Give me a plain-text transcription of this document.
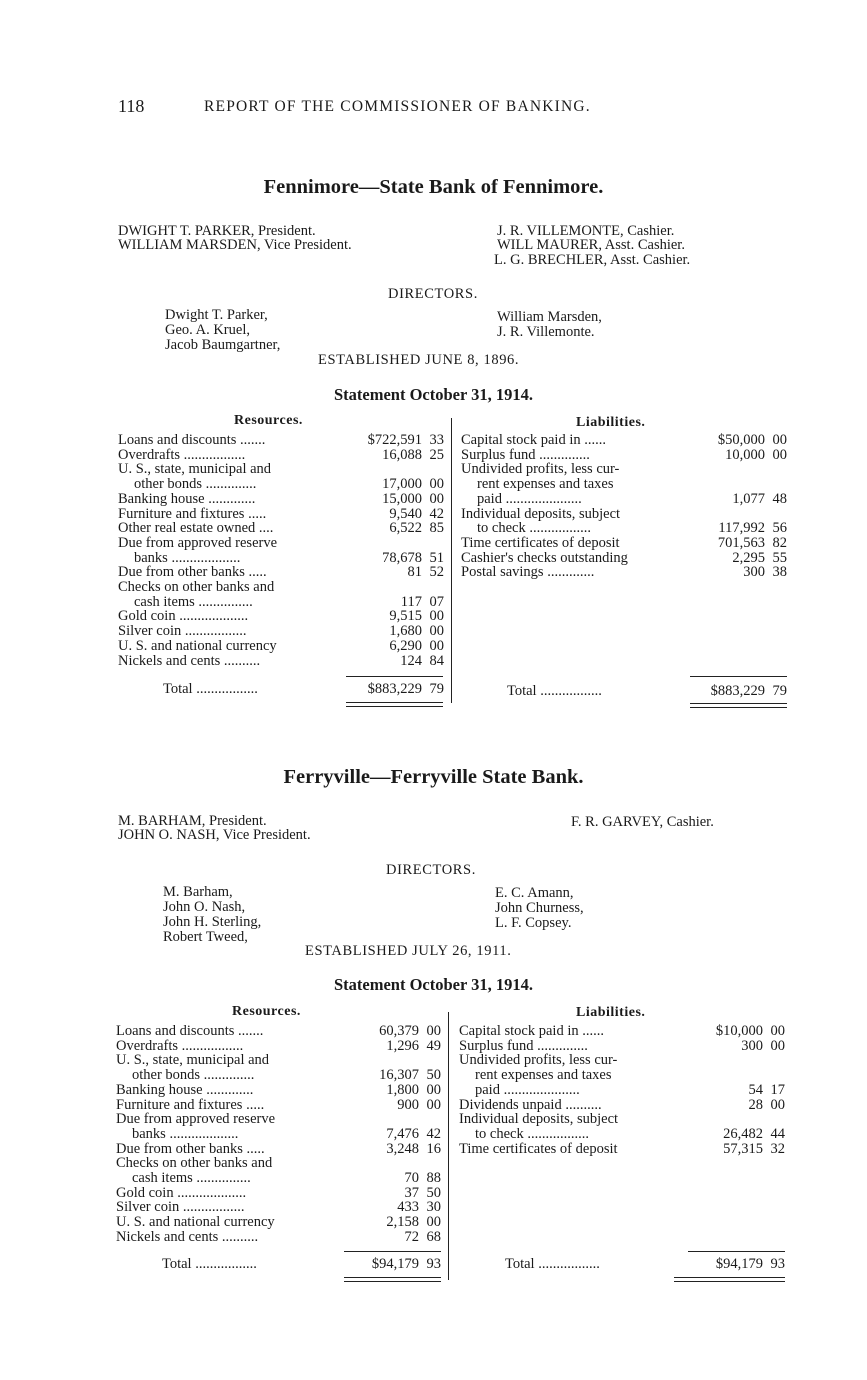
118	REPORT OF THE COMMISSIONER OF BANKING.
Fennimore—State Bank of Fennimore.
DWIGHT T. PARKER, President.
WILLIAM MARSDEN, Vice President.
J. R. VILLEMONTE, Cashier.
WILL MAURER, Asst. Cashier.
L. G. BRECHLER, Asst. Cashier.
DIRECTORS.
Dwight T. Parker,
Geo. A. Kruel,
Jacob Baumgartner,
William Marsden,
J. R. Villemonte.
ESTABLISHED JUNE 8, 1896.
Statement October 31, 1914.
Resources.	Liabilities.
Loans and discounts .......	$722,591 33
Overdrafts .................	16,088 25
U. S., state, municipal and
other bonds ..............	17,000 00
Banking house .............	15,000 00
Furniture and fixtures .....	9,540 42
Other real estate owned ....	6,522 85
Due from approved reserve
banks ...................	78,678 51
Due from other banks .....	81 52
Checks on other banks and
cash items ...............	117 07
Gold coin ...................	9,515 00
Silver coin .................	1,680 00
U. S. and national currency	6,290 00
Nickels and cents ..........	124 84
Capital stock paid in ......	$50,000 00
Surplus fund ..............	10,000 00
Undivided profits, less cur-
rent expenses and taxes
paid .....................	1,077 48
Individual deposits, subject
to check .................	117,992 56
Time certificates of deposit	701,563 82
Cashier's checks outstanding	2,295 55
Postal savings .............	300 38
Total .................	$883,229 79	Total .................	$883,229 79
Ferryville—Ferryville State Bank.
M. BARHAM, President.
JOHN O. NASH, Vice President.
F. R. GARVEY, Cashier.
DIRECTORS.
M. Barham,
John O. Nash,
John H. Sterling,
Robert Tweed,
E. C. Amann,
John Churness,
L. F. Copsey.
ESTABLISHED JULY 26, 1911.
Statement October 31, 1914.
Resources.	Liabilities.
Loans and discounts .......	60,379 00
Overdrafts .................	1,296 49
U. S., state, municipal and
other bonds ..............	16,307 50
Banking house .............	1,800 00
Furniture and fixtures .....	900 00
Due from approved reserve
banks ...................	7,476 42
Due from other banks .....	3,248 16
Checks on other banks and
cash items ...............	70 88
Gold coin ...................	37 50
Silver coin .................	433 30
U. S. and national currency	2,158 00
Nickels and cents ..........	72 68
Capital stock paid in ......	$10,000 00
Surplus fund ..............	300 00
Undivided profits, less cur-
rent expenses and taxes
paid .....................	54 17
Dividends unpaid ..........	28 00
Individual deposits, subject
to check .................	26,482 44
Time certificates of deposit	57,315 32
Total .................	$94,179 93	Total .................	$94,179 93
